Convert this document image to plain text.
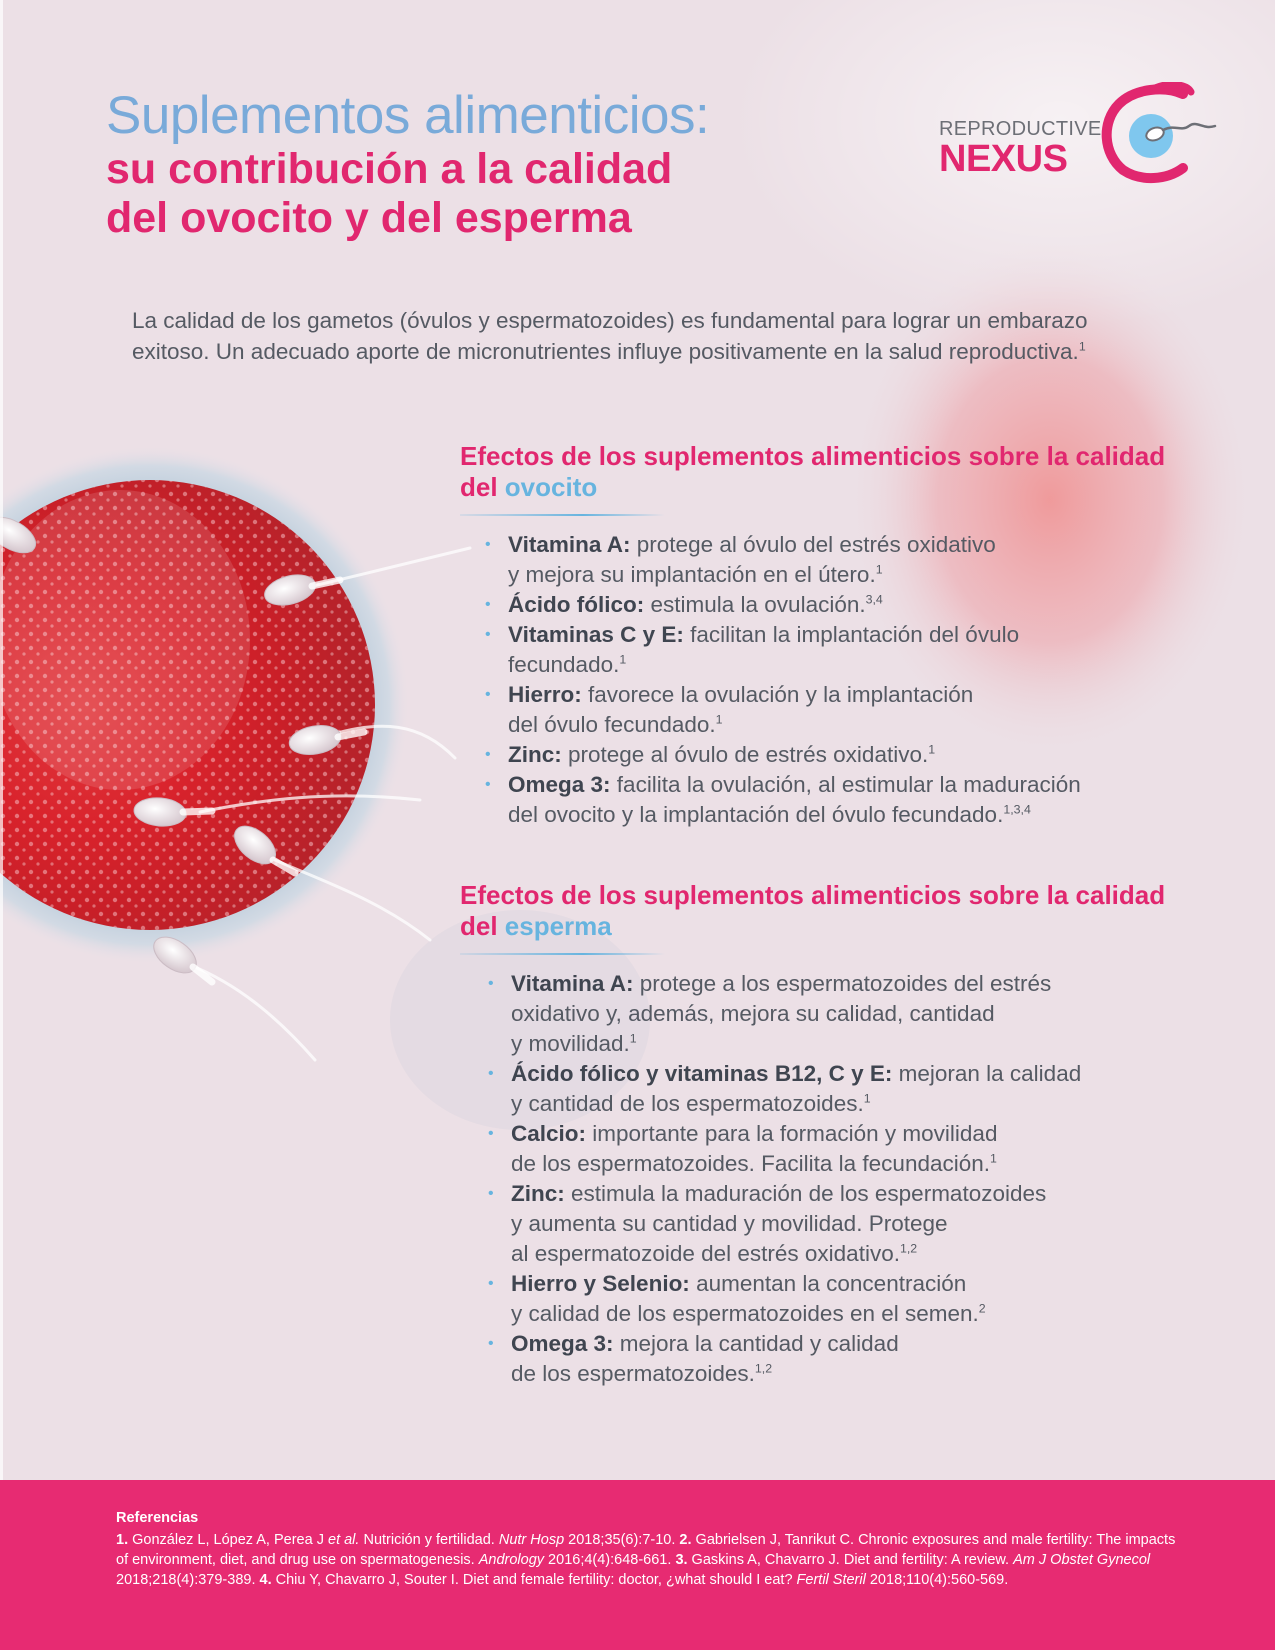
Suplementos alimenticios:
su contribución a la calidad
del ovocito y del esperma
REPRODUCTIVE
NEXUS

La calidad de los gametos (óvulos y espermatozoides) es fundamental para lograr un embarazo exitoso. Un adecuado aporte de micronutrientes influye positivamente en la salud reproductiva.$^1$

Efectos de los suplementos alimenticios sobre la calidad del ovocito
• Vitamina A: protege al óvulo del estrés oxidativo
y mejora su implantación en el útero.$^1$
• Ácido fólico: estimula la ovulación.$^{3,4}$
• Vitaminas C y E: facilitan la implantación del óvulo
fecundado.$^1$
• Hierro: favorece la ovulación y la implantación
del óvulo fecundado.$^1$
• Zinc: protege al óvulo de estrés oxidativo.$^1$
• Omega 3: facilita la ovulación, al estimular la maduración
del ovocito y la implantación del óvulo fecundado.$^{1,3,4}$
Efectos de los suplementos alimenticios sobre la calidad del esperma
• Vitamina A: protege a los espermatozoides del estrés
oxidativo y, además, mejora su calidad, cantidad
y movilidad.$^1$
• Ácido fólico y vitaminas B12, C y E: mejoran la calidad
y cantidad de los espermatozoides.$^1$
• Calcio: importante para la formación y movilidad
de los espermatozoides. Facilita la fecundación.$^1$
• Zinc: estimula la maduración de los espermatozoides
y aumenta su cantidad y movilidad. Protege
al espermatozoide del estrés oxidativo.$^{1,2}$
• Hierro y Selenio: aumentan la concentración
y calidad de los espermatozoides en el semen.$^2$
• Omega 3: mejora la cantidad y calidad
de los espermatozoides.$^{1,2}$
Referencias

1. González L, López A, Perea J et al. Nutrición y fertilidad. Nutr Hosp 2018;35(6):7-10. 2. Gabrielsen J, Tanrikut C. Chronic exposures and male fertility: The impacts of environment, diet, and drug use on spermatogenesis. Andrology 2016;4(4):648-661. 3. Gaskins A, Chavarro J. Diet and fertility: A review. Am J Obstet Gynecol 2018;218(4):379-389. 4. Chiu Y, Chavarro J, Souter I. Diet and female fertility: doctor, ¿what should I eat? Fertil Steril 2018;110(4):560-569.
